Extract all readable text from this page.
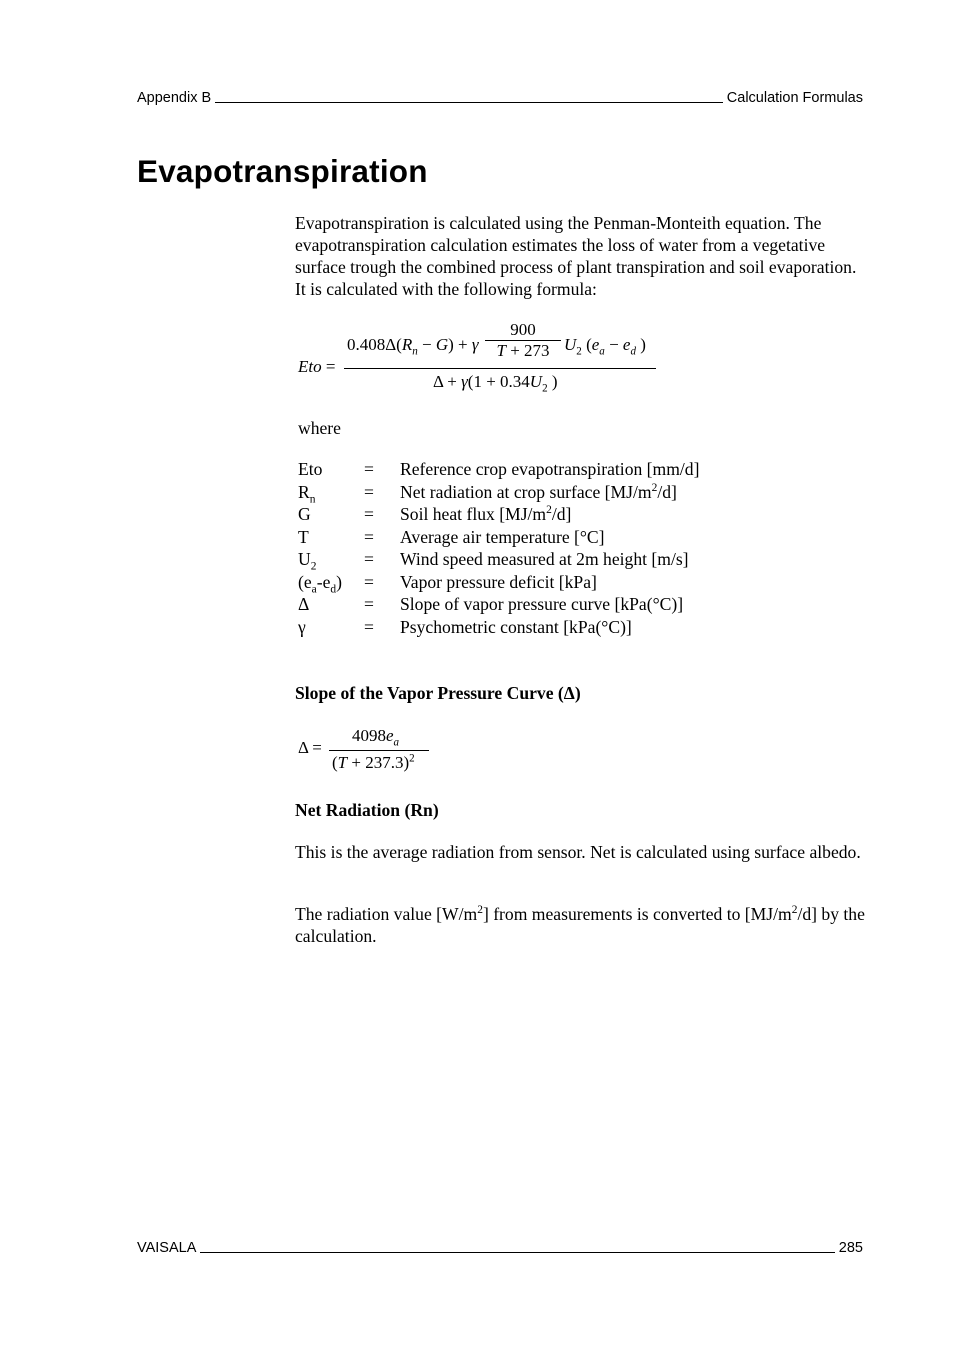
Appendix B	Calculation Formulas
Evapotranspiration
Evapotranspiration is calculated using the Penman-Monteith equation. The evapotranspiration calculation estimates the loss of water from a vegetative surface trough the combined process of plant transpiration and soil evaporation. It is calculated with the following formula:
Eto =
$0.408\Delta(R_n - G) + \gamma$
900
T + 273 $U_2$ ($e_a - e_d$ )
$\Delta + \gamma(1 + 0.34U_2$ )
where
Eto	= Reference crop evapotranspiration [mm/d]
$R_n$	= Net radiation at crop surface $[MJ/m^2/d]$
G	= Soil heat flux $[MJ/m^2/d]$
T	= Average air temperature [°C]
$U_2$	= Wind speed measured at 2m height [m/s]
$(e_a-e_d)$	= Vapor pressure deficit [kPa]
Δ	= Slope of vapor pressure curve [kPa(°C)]
γ	= Psychometric constant [kPa(°C)]
Slope of the Vapor Pressure Curve (Δ)
Δ =
$4098e_a$
$(T + 237.3)^2$
Net Radiation (Rn)
This is the average radiation from sensor. Net is calculated using surface albedo.
The radiation value $[W/m^2]$ from measurements is converted to $[MJ/m^2/d]$ by the calculation.
VAISALA	285
